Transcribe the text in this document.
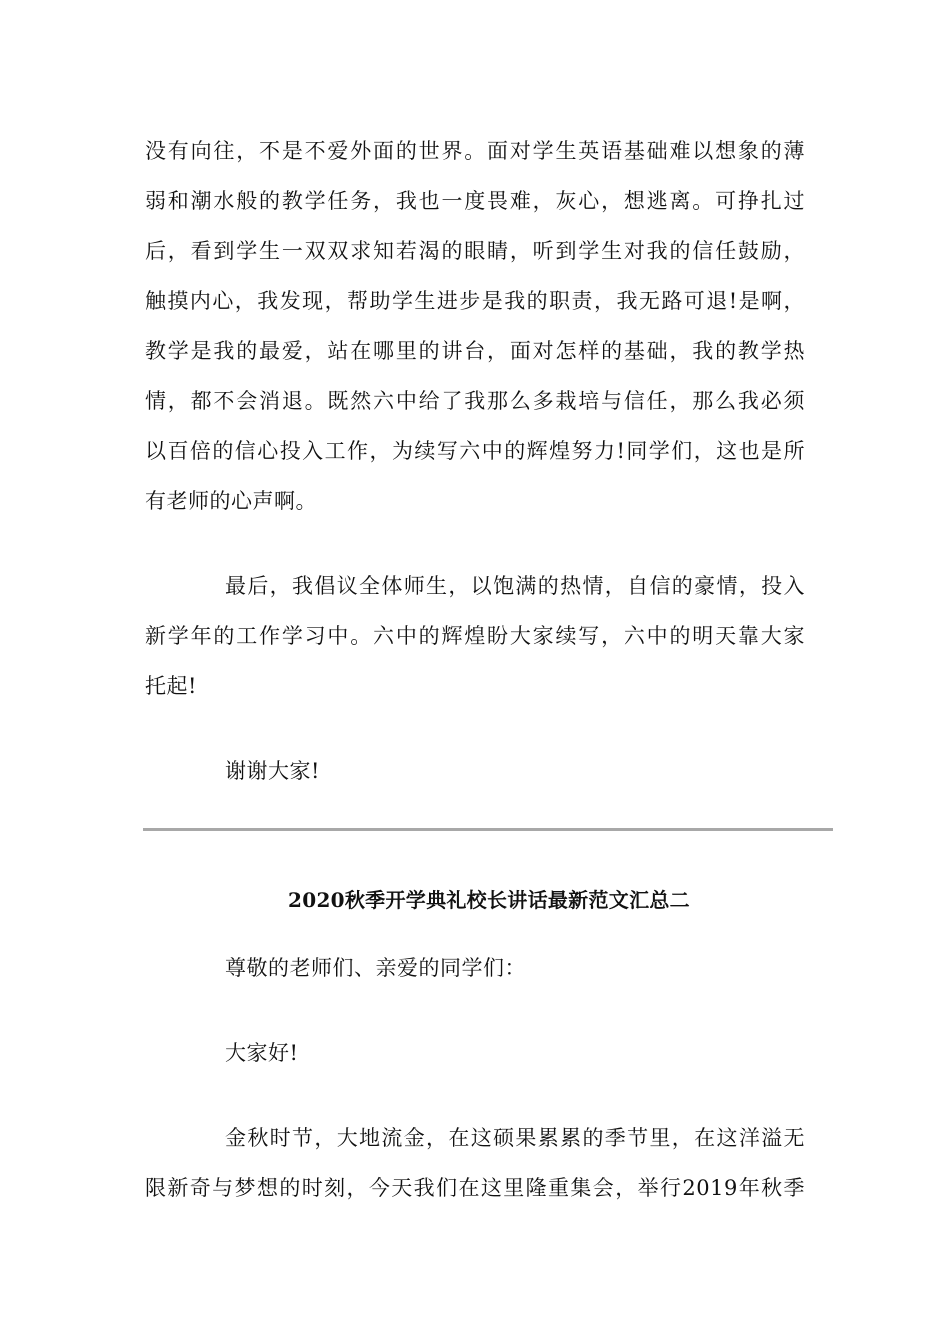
没有向往，不是不爱外面的世界。面对学生英语基础难以想象的薄
弱和潮水般的教学任务，我也一度畏难，灰心，想逃离。可挣扎过
后，看到学生一双双求知若渴的眼睛，听到学生对我的信任鼓励，
触摸内心，我发现，帮助学生进步是我的职责，我无路可退!是啊，
教学是我的最爱，站在哪里的讲台，面对怎样的基础，我的教学热
情，都不会消退。既然六中给了我那么多栽培与信任，那么我必须
以百倍的信心投入工作，为续写六中的辉煌努力!同学们，这也是所
有老师的心声啊。
最后，我倡议全体师生，以饱满的热情，自信的豪情，投入
新学年的工作学习中。六中的辉煌盼大家续写，六中的明天靠大家
托起!
谢谢大家!
2020秋季开学典礼校长讲话最新范文汇总二
尊敬的老师们、亲爱的同学们：
大家好!
金秋时节，大地流金，在这硕果累累的季节里，在这洋溢无
限新奇与梦想的时刻，今天我们在这里隆重集会，举行2019年秋季
